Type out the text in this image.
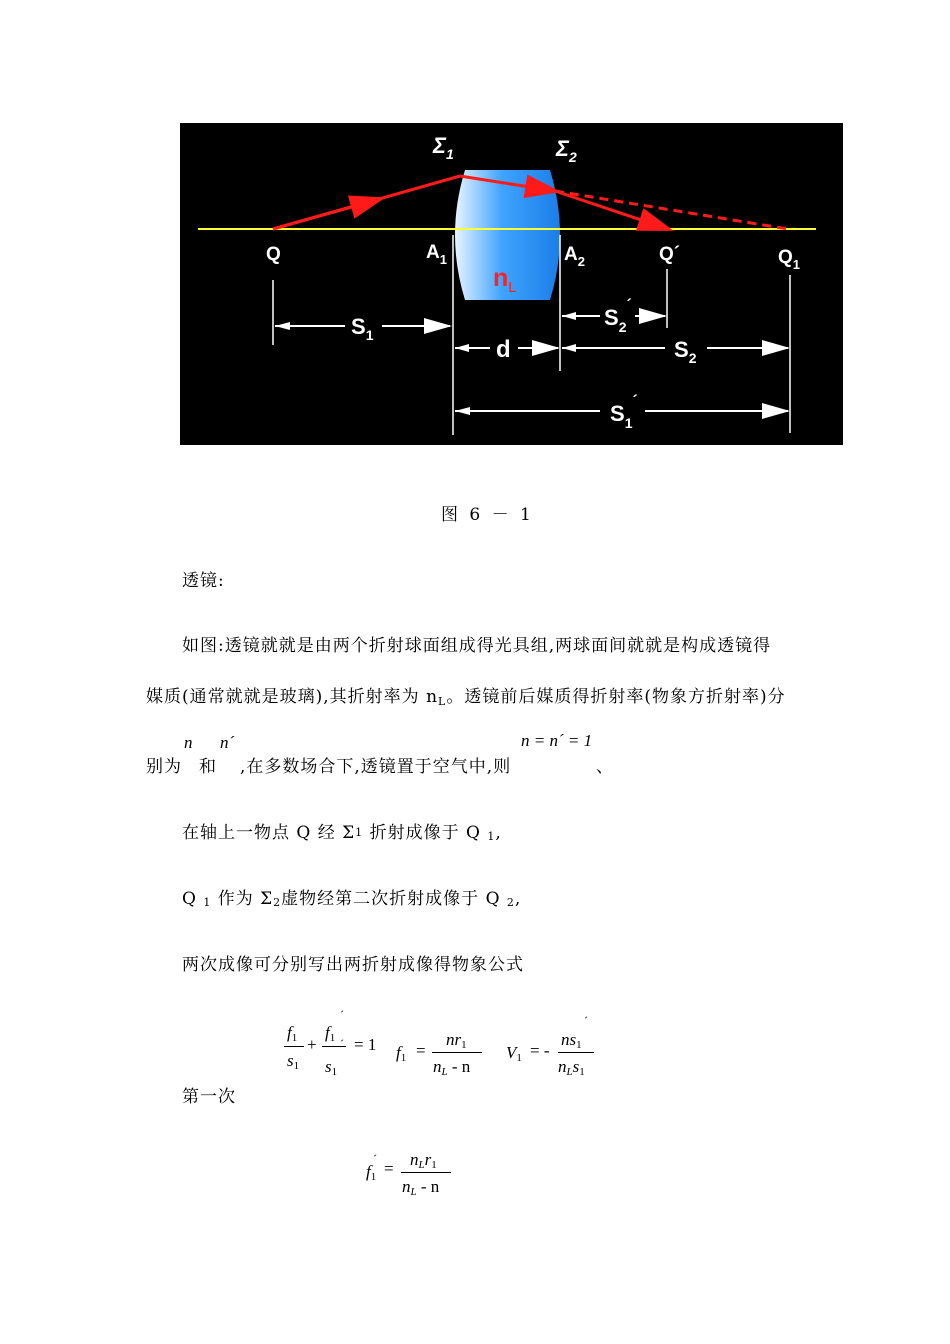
$\Sigma_1$	$\Sigma_2$
Q	$A_1$	$A_2$	Q´	$Q_1$
$n_L$
$S_1$
d
$S_2^´$
$S_2$
$S_1^´$
图 6 － 1
透镜:
如图:透镜就就是由两个折射球面组成得光具组,两球面间就就是构成透镜得
媒质(通常就就是玻璃),其折射率为 nL。透镜前后媒质得折射率(物象方折射率)分
别为
n
和
n´
,在多数场合下,透镜置于空气中,则
n = n´ = 1
、
在轴上一物点 Q 经 Σ1 折射成像于 Q 1,
Q 1 作为 Σ2虚物经第二次折射成像于 Q 2,
两次成像可分别写出两折射成像得物象公式
f1
s1
+
f1
´
s1
´ = 1 f1 =
nr1
nL - n
V1 = -
ns1
´
nLs1
第一次
f1
´ = nLr1
nL - n
